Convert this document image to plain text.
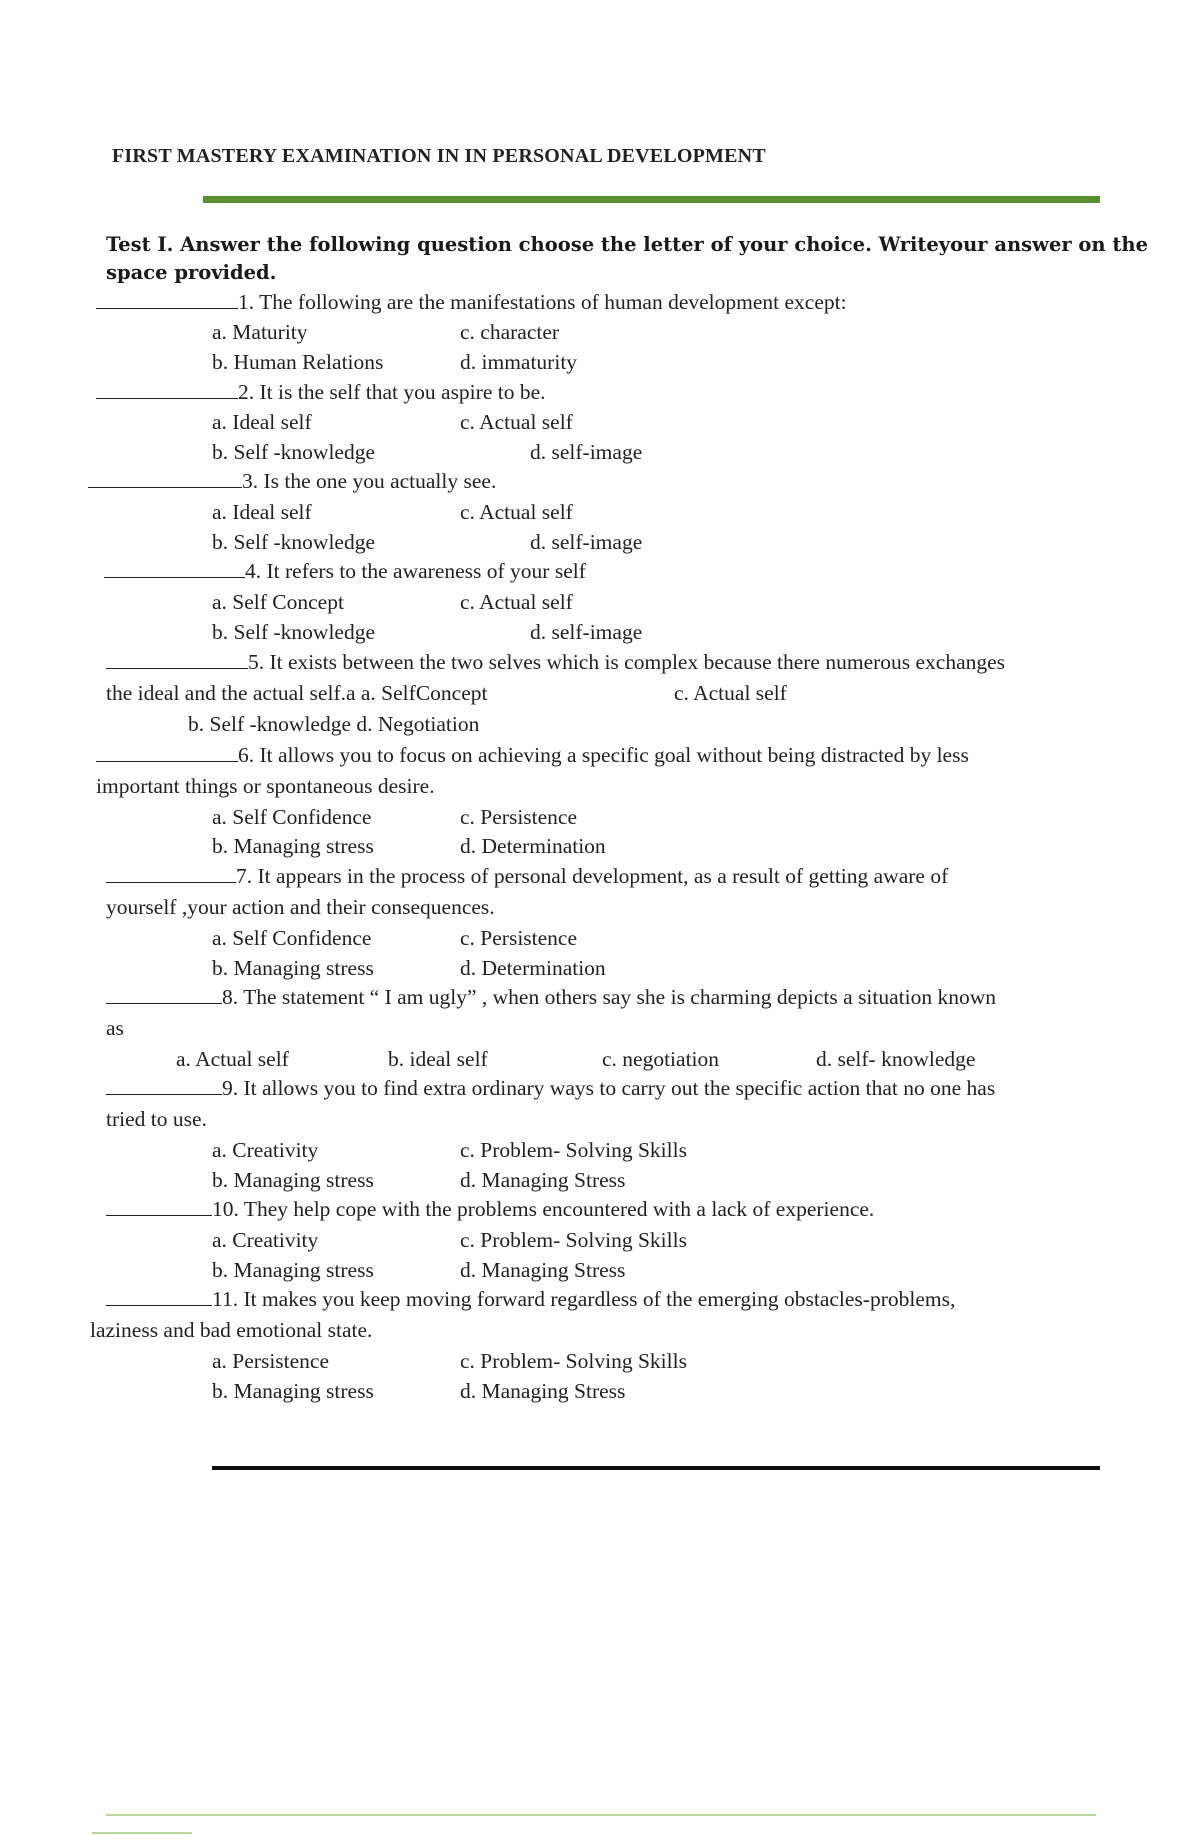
FIRST MASTERY EXAMINATION IN IN PERSONAL DEVELOPMENT
Test I. Answer the following question choose the letter of your choice. Writeyour answer on the
space provided.
1. The following are the manifestations of human development except:
a. Maturity	c. character
b. Human Relations	d. immaturity
2. It is the self that you aspire to be.
a. Ideal self	c. Actual self
b. Self -knowledge	d. self-image
3. Is the one you actually see.
a. Ideal self	c. Actual self
b. Self -knowledge	d. self-image
4. It refers to the awareness of your self
a. Self Concept	c. Actual self
b. Self -knowledge	d. self-image
5. It exists between the two selves which is complex because there numerous exchanges
the ideal and the actual self.a a. SelfConcept	c. Actual self
b. Self -knowledge d. Negotiation
6. It allows you to focus on achieving a specific goal without being distracted by less
important things or spontaneous desire.
a. Self Confidence	c. Persistence
b. Managing stress	d. Determination
7. It appears in the process of personal development, as a result of getting aware of
yourself ,your action and their consequences.
a. Self Confidence	c. Persistence
b. Managing stress	d. Determination
8. The statement “ I am ugly” , when others say she is charming depicts a situation known
as
a. Actual self	b. ideal self	c. negotiation	d. self- knowledge
9. It allows you to find extra ordinary ways to carry out the specific action that no one has
tried to use.
a. Creativity	c. Problem- Solving Skills
b. Managing stress	d. Managing Stress
10. They help cope with the problems encountered with a lack of experience.
a. Creativity	c. Problem- Solving Skills
b. Managing stress	d. Managing Stress
11. It makes you keep moving forward regardless of the emerging obstacles-problems,
laziness and bad emotional state.
a. Persistence	c. Problem- Solving Skills
b. Managing stress	d. Managing Stress
